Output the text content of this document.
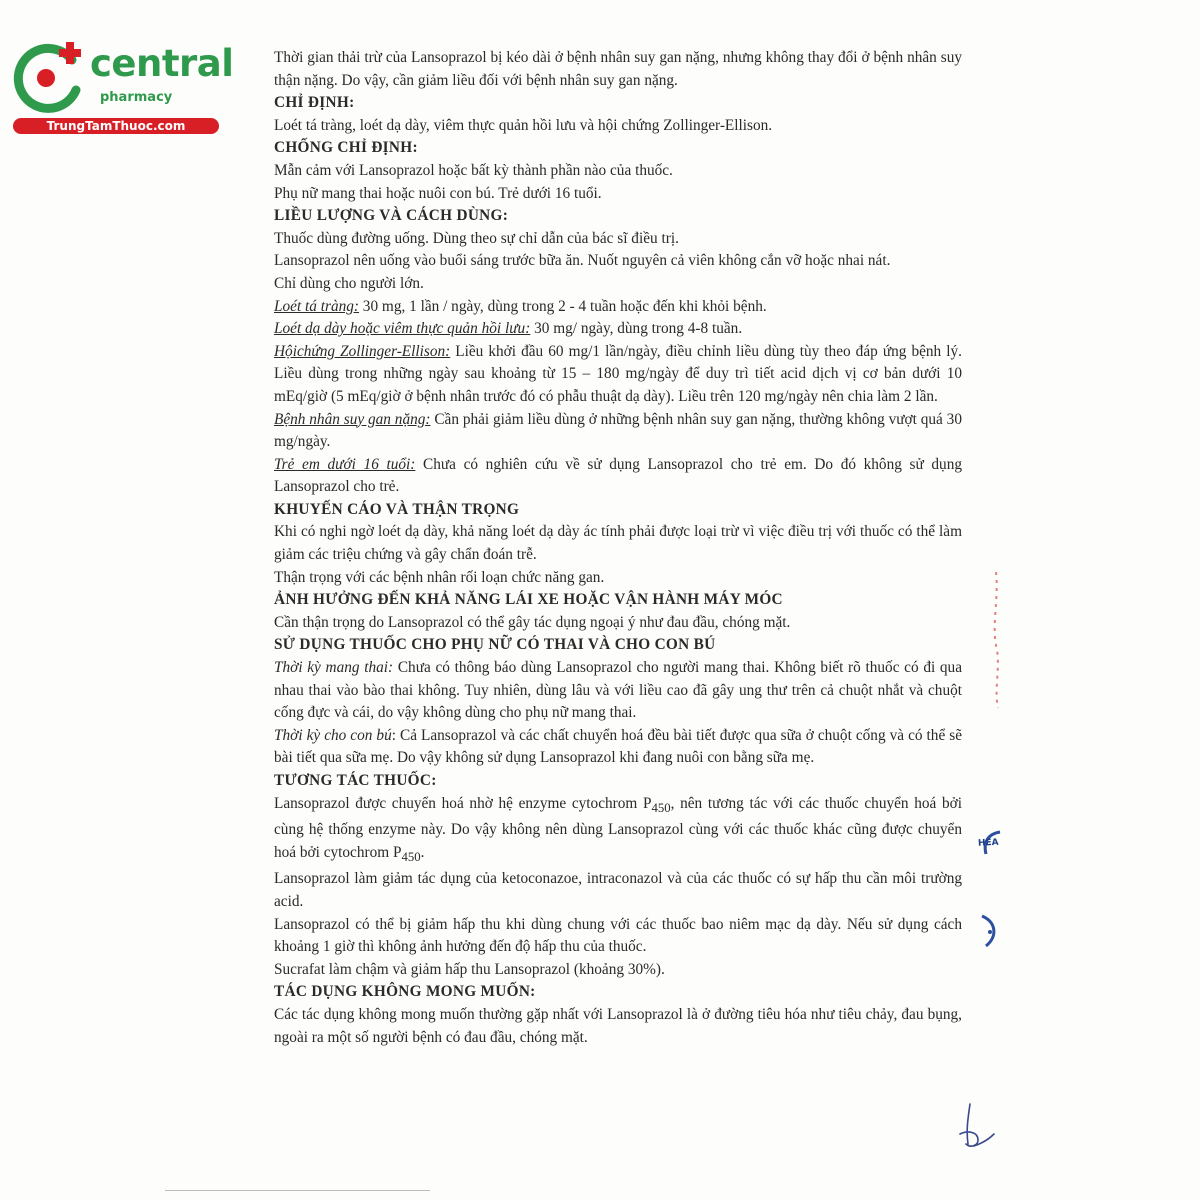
central
pharmacy
TrungTamThuoc.com

Thời gian thải trừ của Lansoprazol bị kéo dài ở bệnh nhân suy gan nặng, nhưng không thay đổi ở bệnh nhân suy thận nặng. Do vậy, cần giảm liều đối với bệnh nhân suy gan nặng.

CHỈ ĐỊNH:

Loét tá tràng, loét dạ dày, viêm thực quản hồi lưu và hội chứng Zollinger-Ellison.

CHỐNG CHỈ ĐỊNH:

Mẫn cảm với Lansoprazol hoặc bất kỳ thành phần nào của thuốc.

Phụ nữ mang thai hoặc nuôi con bú. Trẻ dưới 16 tuổi.

LIỀU LƯỢNG VÀ CÁCH DÙNG:

Thuốc dùng đường uống. Dùng theo sự chỉ dẫn của bác sĩ điều trị.

Lansoprazol nên uống vào buổi sáng trước bữa ăn. Nuốt nguyên cả viên không cắn vỡ hoặc nhai nát.

Chỉ dùng cho người lớn.

Loét tá tràng: 30 mg, 1 lần / ngày, dùng trong 2 - 4 tuần hoặc đến khi khỏi bệnh.

Loét dạ dày hoặc viêm thực quản hồi lưu: 30 mg/ ngày, dùng trong 4-8 tuần.

Hộichứng Zollinger-Ellison: Liều khởi đầu 60 mg/1 lần/ngày, điều chỉnh liều dùng tùy theo đáp ứng bệnh lý. Liều dùng trong những ngày sau khoảng từ 15 – 180 mg/ngày để duy trì tiết acid dịch vị cơ bản dưới 10 mEq/giờ (5 mEq/giờ ở bệnh nhân trước đó có phẫu thuật dạ dày). Liều trên 120 mg/ngày nên chia làm 2 lần.

Bệnh nhân suy gan nặng: Cần phải giảm liều dùng ở những bệnh nhân suy gan nặng, thường không vượt quá 30 mg/ngày.

Trẻ em dưới 16 tuổi: Chưa có nghiên cứu về sử dụng Lansoprazol cho trẻ em. Do đó không sử dụng Lansoprazol cho trẻ.

KHUYẾN CÁO VÀ THẬN TRỌNG

Khi có nghi ngờ loét dạ dày, khả năng loét dạ dày ác tính phải được loại trừ vì việc điều trị với thuốc có thể làm giảm các triệu chứng và gây chẩn đoán trễ.

Thận trọng với các bệnh nhân rối loạn chức năng gan.

ẢNH HƯỞNG ĐẾN KHẢ NĂNG LÁI XE HOẶC VẬN HÀNH MÁY MÓC

Cần thận trọng do Lansoprazol có thể gây tác dụng ngoại ý như đau đầu, chóng mặt.

SỬ DỤNG THUỐC CHO PHỤ NỮ CÓ THAI VÀ CHO CON BÚ

Thời kỳ mang thai: Chưa có thông báo dùng Lansoprazol cho người mang thai. Không biết rõ thuốc có đi qua nhau thai vào bào thai không. Tuy nhiên, dùng lâu và với liều cao đã gây ung thư trên cả chuột nhắt và chuột cống đực và cái, do vậy không dùng cho phụ nữ mang thai.

Thời kỳ cho con bú: Cả Lansoprazol và các chất chuyển hoá đều bài tiết được qua sữa ở chuột cống và có thể sẽ bài tiết qua sữa mẹ. Do vậy không sử dụng Lansoprazol khi đang nuôi con bằng sữa mẹ.

TƯƠNG TÁC THUỐC:

Lansoprazol được chuyển hoá nhờ hệ enzyme cytochrom $P_{450}$, nên tương tác với các thuốc chuyển hoá bởi cùng hệ thống enzyme này. Do vậy không nên dùng Lansoprazol cùng với các thuốc khác cũng được chuyển hoá bởi cytochrom $P_{450}$.

Lansoprazol làm giảm tác dụng của ketoconazoe, intraconazol và của các thuốc có sự hấp thu cần môi trường acid.

Lansoprazol có thể bị giảm hấp thu khi dùng chung với các thuốc bao niêm mạc dạ dày. Nếu sử dụng cách khoảng 1 giờ thì không ảnh hưởng đến độ hấp thu của thuốc.

Sucrafat làm chậm và giảm hấp thu Lansoprazol (khoảng 30%).

TÁC DỤNG KHÔNG MONG MUỐN:

Các tác dụng không mong muốn thường gặp nhất với Lansoprazol là ở đường tiêu hóa như tiêu chảy, đau bụng, ngoài ra một số người bệnh có đau đầu, chóng mặt.

HEA
